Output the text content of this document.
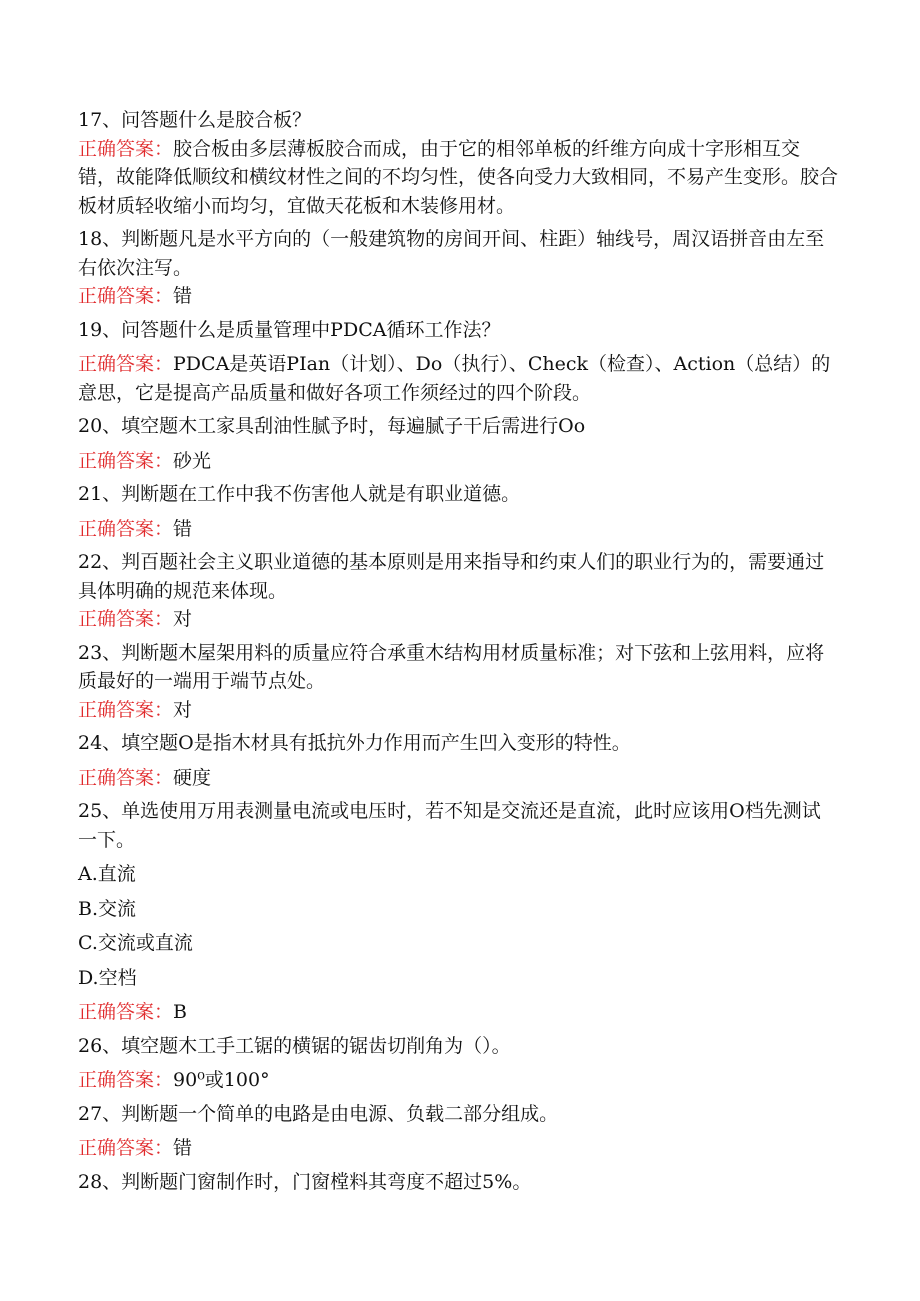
17、问答题什么是胶合板？

正确答案：胶合板由多层薄板胶合而成，由于它的相邻单板的纤维方向成十字形相互交错，故能降低顺纹和横纹材性之间的不均匀性，使各向受力大致相同，不易产生变形。胶合板材质轻收缩小而均匀，宜做天花板和木装修用材。

18、判断题凡是水平方向的（一般建筑物的房间开间、柱距）轴线号，周汉语拼音由左至右依次注写。

正确答案：错

19、问答题什么是质量管理中PDCA循环工作法？

正确答案：PDCA是英语PIan（计划）、Do（执行）、Check（检查）、Action（总结）的意思，它是提高产品质量和做好各项工作须经过的四个阶段。

20、填空题木工家具刮油性腻予时，每遍腻子干后需进行Oo

正确答案：砂光

21、判断题在工作中我不伤害他人就是有职业道德。

正确答案：错

22、判百题社会主义职业道德的基本原则是用来指导和约束人们的职业行为的，需要通过具体明确的规范来体现。

正确答案：对

23、判断题木屋架用料的质量应符合承重木结构用材质量标准；对下弦和上弦用料，应将质最好的一端用于端节点处。

正确答案：对

24、填空题O是指木材具有抵抗外力作用而产生凹入变形的特性。

正确答案：硬度

25、单选使用万用表测量电流或电压时，若不知是交流还是直流，此时应该用O档先测试一下。

A.直流

B.交流

C.交流或直流

D.空档

正确答案：B

26、填空题木工手工锯的横锯的锯齿切削角为（）。

正确答案：90⁰或100°

27、判断题一个简单的电路是由电源、负载二部分组成。

正确答案：错

28、判断题门窗制作时，门窗樘料其弯度不超过5%。
